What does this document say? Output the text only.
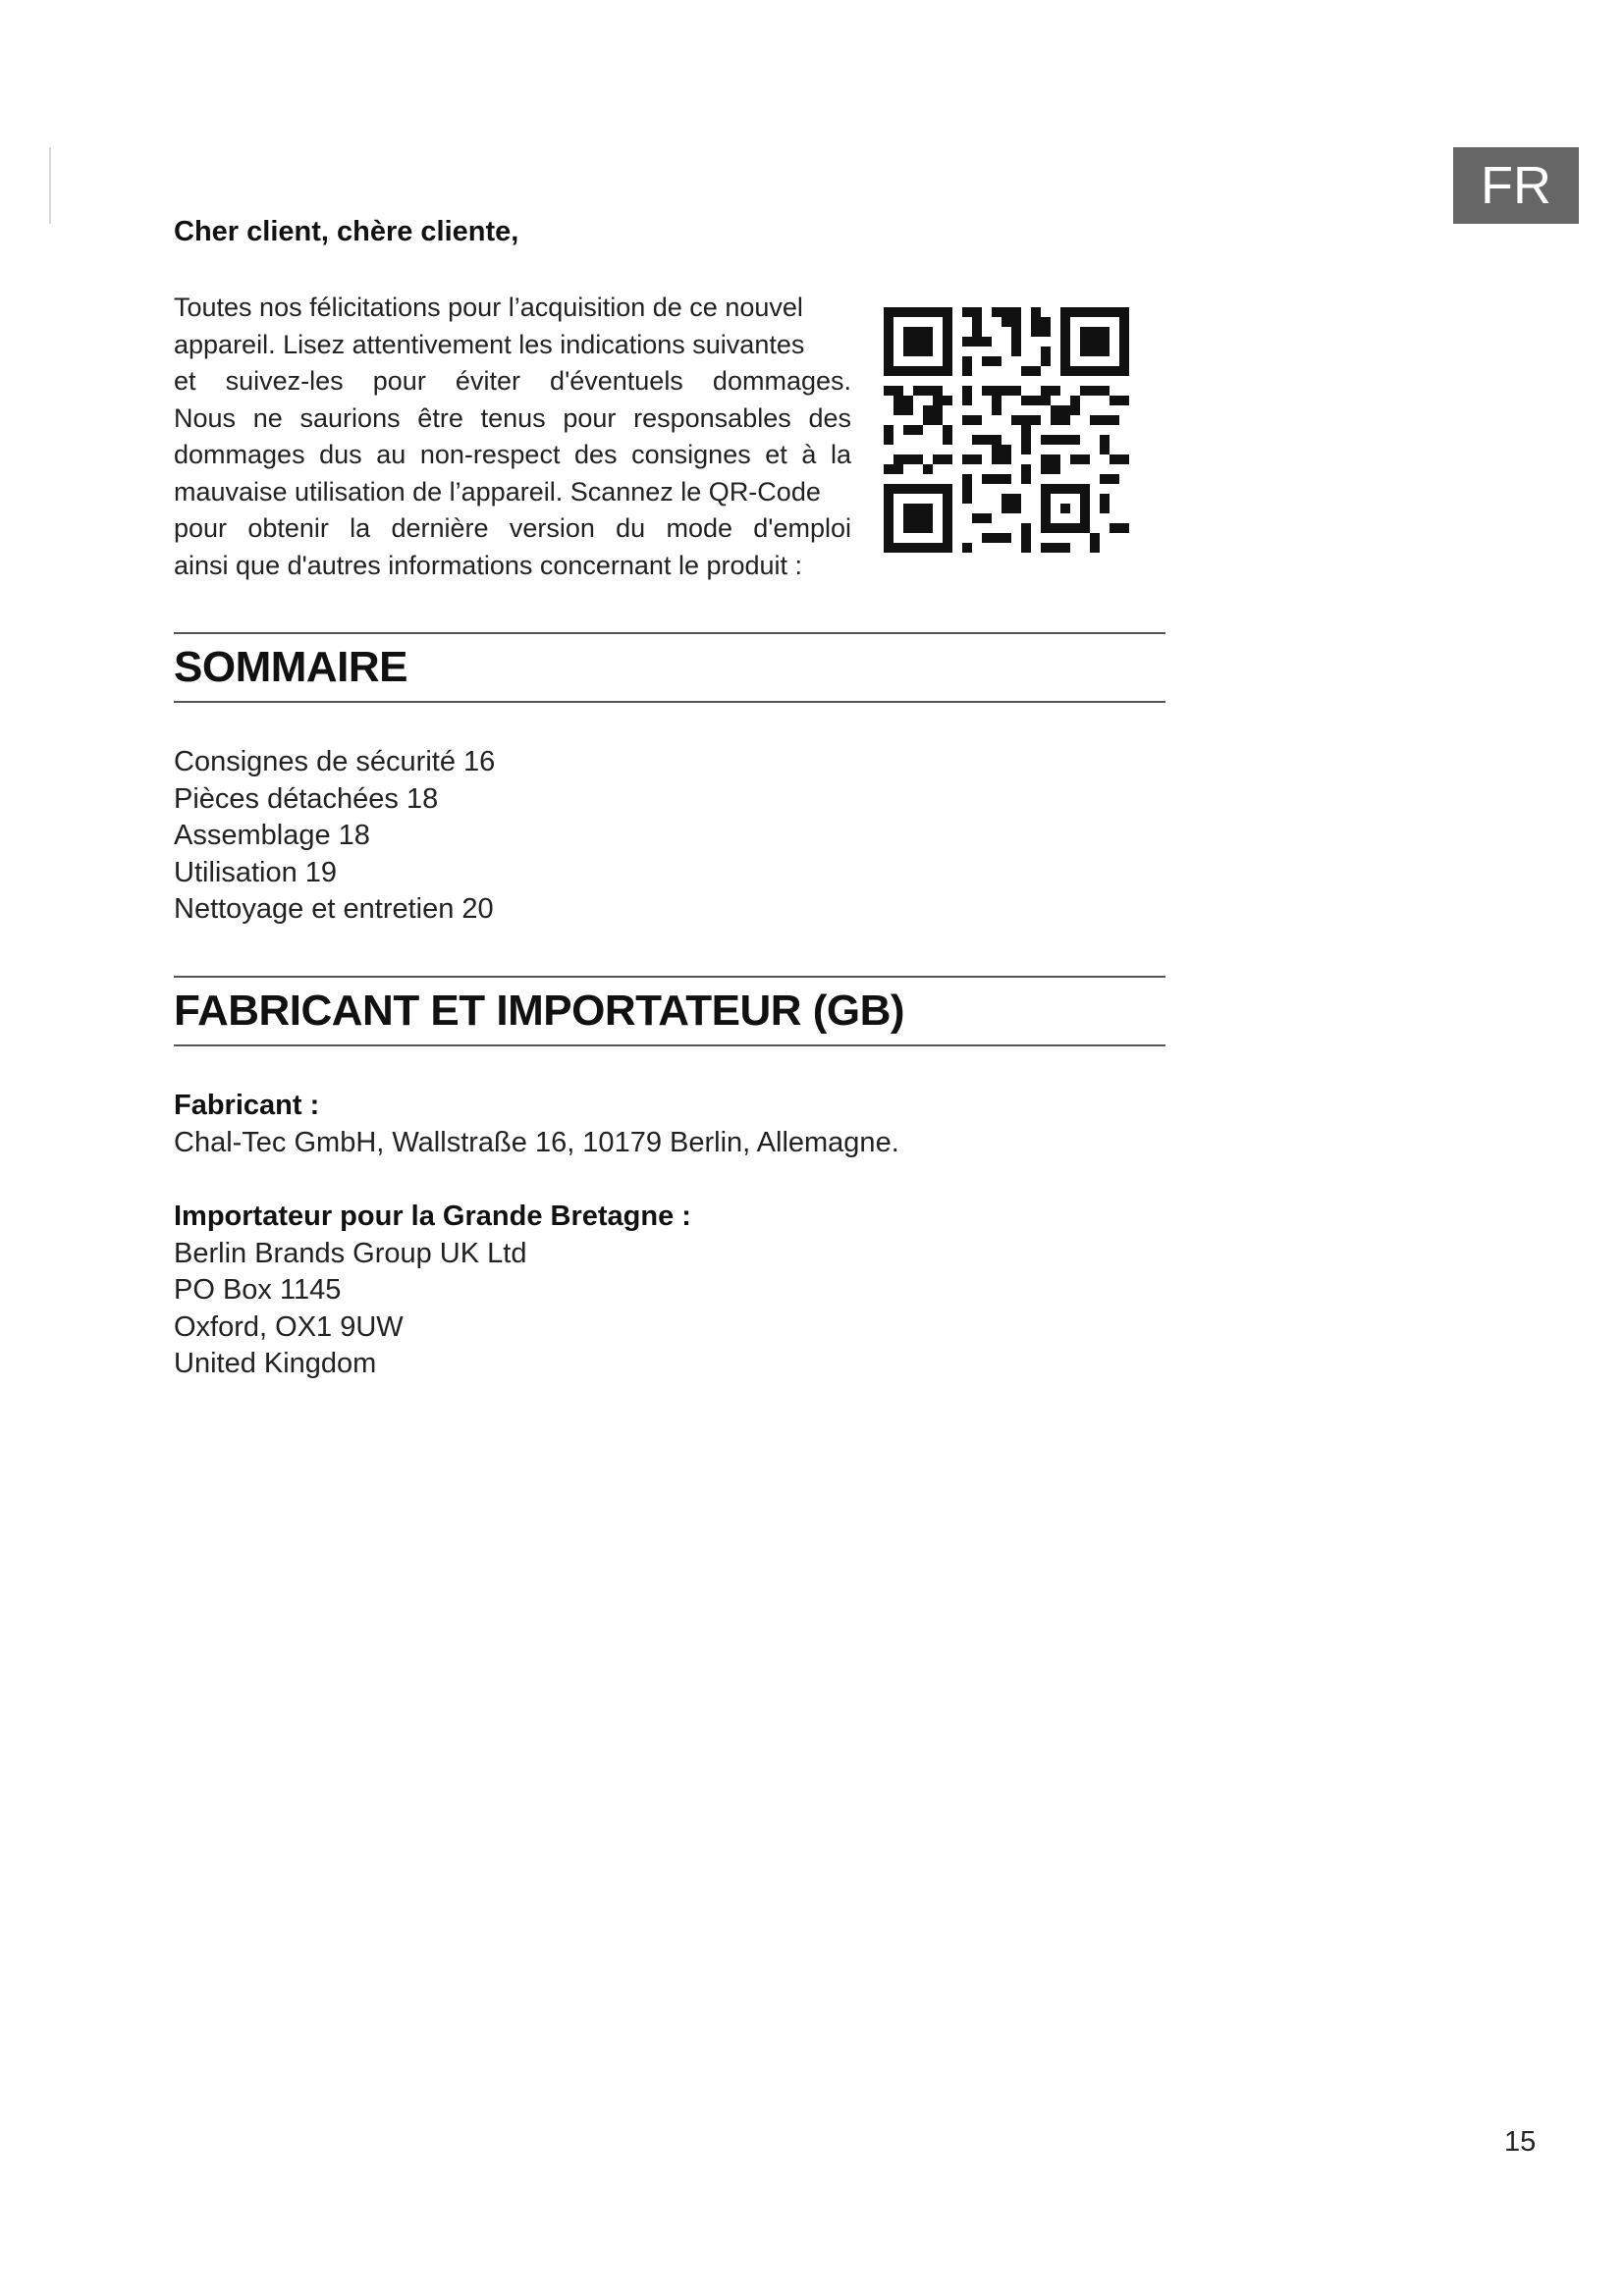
FR
Cher client, chère cliente,
Toutes nos félicitations pour l’acquisition de ce nouvel
appareil. Lisez attentivement les indications suivantes
et suivez-les pour éviter d'éventuels dommages.
Nous ne saurions être tenus pour responsables des
dommages dus au non-respect des consignes et à la
mauvaise utilisation de l’appareil. Scannez le QR-Code
pour obtenir la dernière version du mode d'emploi
ainsi que d'autres informations concernant le produit :
SOMMAIRE
Consignes de sécurité 16
Pièces détachées 18
Assemblage 18
Utilisation 19
Nettoyage et entretien 20
FABRICANT ET IMPORTATEUR (GB)
Fabricant :
Chal-Tec GmbH, Wallstraße 16, 10179 Berlin, Allemagne.
Importateur pour la Grande Bretagne :
Berlin Brands Group UK Ltd
PO Box 1145
Oxford, OX1 9UW
United Kingdom
15
